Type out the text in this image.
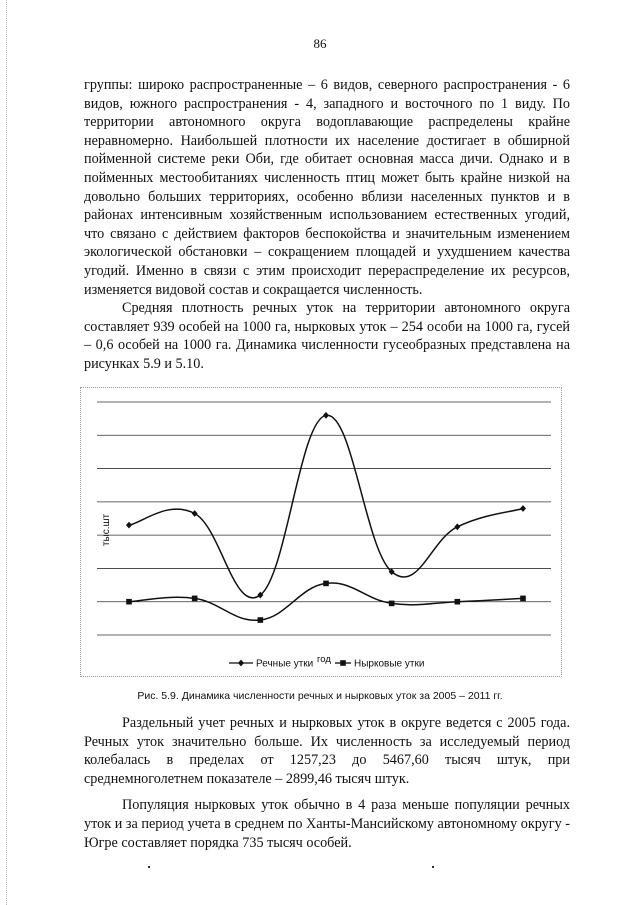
86

группы: широко распространенные – 6 видов, северного распространения - 6 видов, южного распространения - 4, западного и восточного по 1 виду. По территории автономного округа водоплавающие распределены крайне неравномерно. Наибольшей плотности их население достигает в обширной пойменной системе реки Оби, где обитает основная масса дичи. Однако и в пойменных местообитаниях численность птиц может быть крайне низкой на довольно больших территориях, особенно вблизи населенных пунктов и в районах интенсивным хозяйственным использованием естественных угодий, что связано с действием факторов беспокойства и значительным изменением экологической обстановки – сокращением площадей и ухудшением качества угодий. Именно в связи с этим происходит перераспределение их ресурсов, изменяется видовой состав и сокращается численность.

Средняя плотность речных уток на территории автономного округа составляет 939 особей на 1000 га, нырковых уток – 254 особи на 1000 га, гусей – 0,6 особей на 1000 га. Динамика численности гусеобразных представлена на рисунках 5.9 и 5.10.

тыс.шт
Речные утки год Нырковые утки
Рис. 5.9. Динамика численности речных и нырковых уток за 2005 – 2011 гг.

Раздельный учет речных и нырковых уток в округе ведется с 2005 года. Речных уток значительно больше. Их численность за исследуемый период колебалась в пределах от 1257,23 до 5467,60 тысяч штук, при среднемноголетнем показателе – 2899,46 тысяч штук.

Популяция нырковых уток обычно в 4 раза меньше популяции речных уток и за период учета в среднем по Ханты-Мансийскому автономному округу - Югре составляет порядка 735 тысяч особей.
